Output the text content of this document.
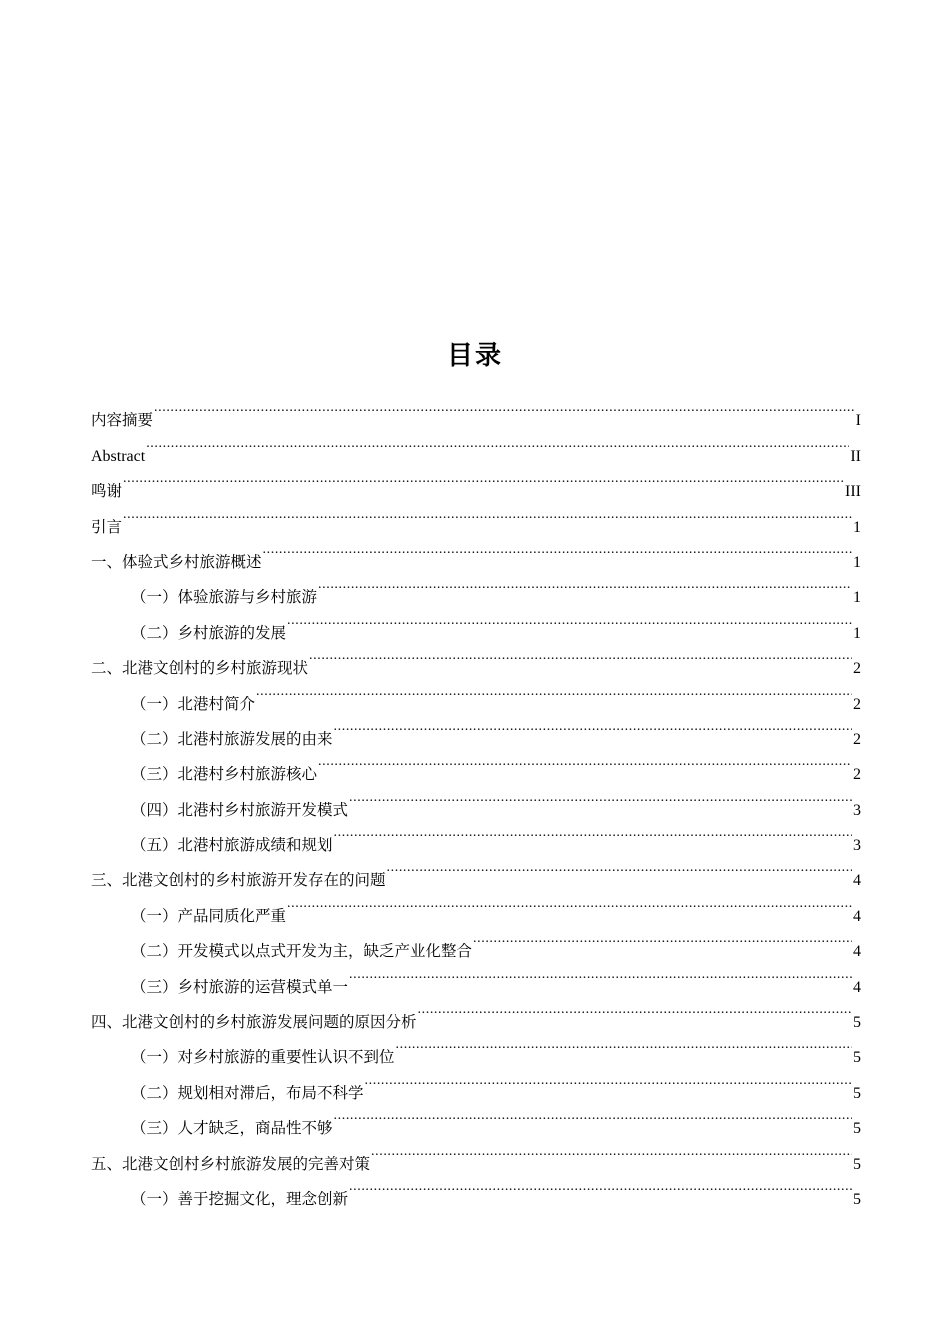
目录
内容摘要 .....	I
Abstract .....	II
鸣谢 .....	III
引言 .....	1
一、体验式乡村旅游概述 .....	1
（一）体验旅游与乡村旅游 .....	1
（二）乡村旅游的发展 .....	1
二、北港文创村的乡村旅游现状 .....	2
（一）北港村简介 .....	2
（二）北港村旅游发展的由来 .....	2
（三）北港村乡村旅游核心 .....	2
（四）北港村乡村旅游开发模式 .....	3
（五）北港村旅游成绩和规划 .....	3
三、北港文创村的乡村旅游开发存在的问题 .....	4
（一）产品同质化严重 .....	4
（二）开发模式以点式开发为主，缺乏产业化整合 .....	4
（三）乡村旅游的运营模式单一 .....	4
四、北港文创村的乡村旅游发展问题的原因分析 .....	5
（一）对乡村旅游的重要性认识不到位 .....	5
（二）规划相对滞后，布局不科学 .....	5
（三）人才缺乏，商品性不够 .....	5
五、北港文创村乡村旅游发展的完善对策 .....	5
（一）善于挖掘文化，理念创新 .....	5
